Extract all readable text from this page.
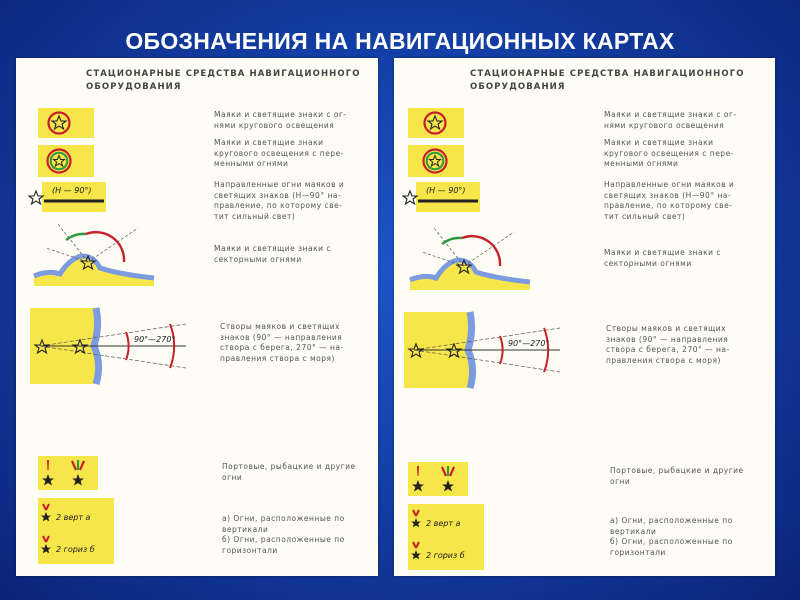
ОБОЗНАЧЕНИЯ НА НАВИГАЦИОННЫХ КАРТАХ
СТАЦИОНАРНЫЕ СРЕДСТВА НАВИГАЦИОННОГО
ОБОРУДОВАНИЯ
Маяки и светящие знаки с ог-
нями кругового освещения
Маяки и светящие знаки
кругового освещения с пере-
менными огнями
(Н — 90°)
Направленные огни маяков и
светящих знаков (Н—90° на-
правление, по которому све-
тит сильный свет)
Маяки и светящие знаки с
секторными огнями
90°—270°
Створы маяков и светящих
знаков (90° — направления
створа с берега, 270° — на-
правления створа с моря)
Портовые, рыбацкие и другие
огни
2 верт а
2 гориз б
а) Огни, расположенные по
вертикали
б) Огни, расположенные по
горизонтали
СТАЦИОНАРНЫЕ СРЕДСТВА НАВИГАЦИОННОГО
ОБОРУДОВАНИЯ
Маяки и светящие знаки с ог-
нями кругового освещения
Маяки и светящие знаки
кругового освещения с пере-
менными огнями
(Н — 90°)
Направленные огни маяков и
светящих знаков (Н—90° на-
правление, по которому све-
тит сильный свет)
Маяки и светящие знаки с
секторными огнями
90°—270°
Створы маяков и светящих
знаков (90° — направления
створа с берега, 270° — на-
правления створа с моря)
Портовые, рыбацкие и другие
огни
2 верт а
2 гориз б
а) Огни, расположенные по
вертикали
б) Огни, расположенные по
горизонтали
